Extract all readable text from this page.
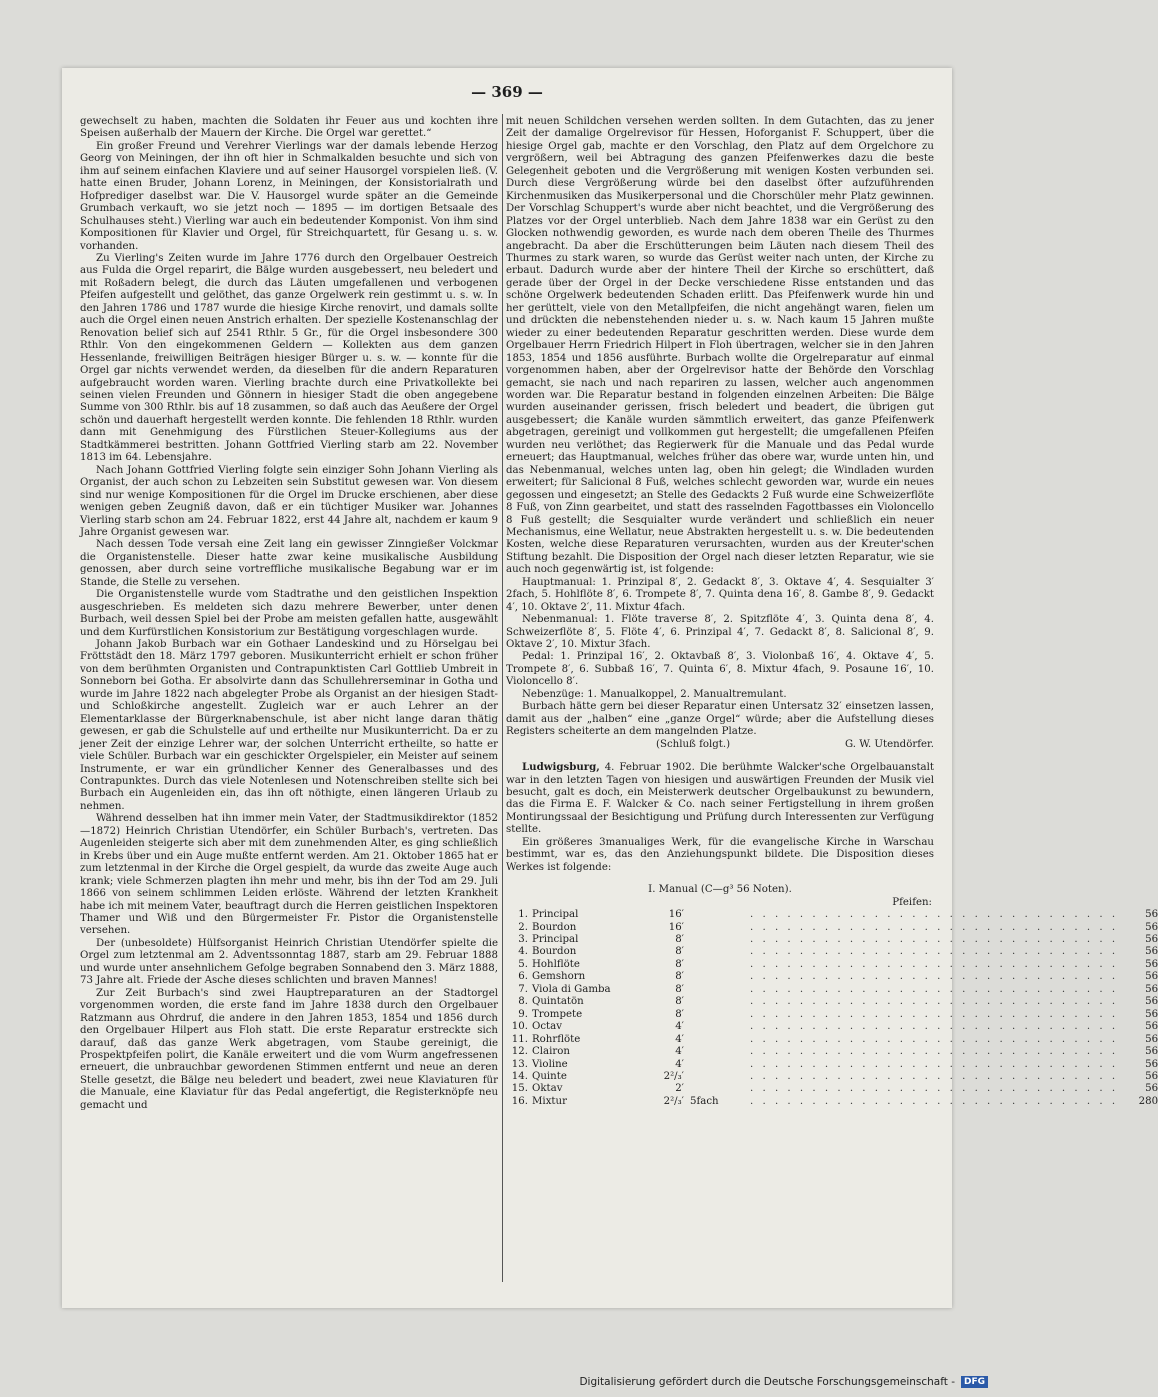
— 369 —

gewechselt zu haben, machten die Soldaten ihr Feuer aus und kochten ihre Speisen außerhalb der Mauern der Kirche. Die Orgel war gerettet.“

Ein großer Freund und Verehrer Vierlings war der damals lebende Herzog Georg von Meiningen, der ihn oft hier in Schmalkalden besuchte und sich von ihm auf seinem einfachen Klaviere und auf seiner Hausorgel vorspielen ließ. (V. hatte einen Bruder, Johann Lorenz, in Meiningen, der Konsistorialrath und Hofprediger daselbst war. Die V. Hausorgel wurde später an die Gemeinde Grumbach verkauft, wo sie jetzt noch — 1895 — im dortigen Betsaale des Schulhauses steht.) Vierling war auch ein bedeutender Komponist. Von ihm sind Kompositionen für Klavier und Orgel, für Streichquartett, für Gesang u. s. w. vorhanden.

Zu Vierling's Zeiten wurde im Jahre 1776 durch den Orgelbauer Oestreich aus Fulda die Orgel reparirt, die Bälge wurden ausgebessert, neu beledert und mit Roßadern belegt, die durch das Läuten umgefallenen und verbogenen Pfeifen aufgestellt und gelöthet, das ganze Orgelwerk rein gestimmt u. s. w. In den Jahren 1786 und 1787 wurde die hiesige Kirche renovirt, und damals sollte auch die Orgel einen neuen Anstrich erhalten. Der spezielle Kostenanschlag der Renovation belief sich auf 2541 Rthlr. 5 Gr., für die Orgel insbesondere 300 Rthlr. Von den eingekommenen Geldern — Kollekten aus dem ganzen Hessenlande, freiwilligen Beiträgen hiesiger Bürger u. s. w. — konnte für die Orgel gar nichts verwendet werden, da dieselben für die andern Reparaturen aufgebraucht worden waren. Vierling brachte durch eine Privatkollekte bei seinen vielen Freunden und Gönnern in hiesiger Stadt die oben angegebene Summe von 300 Rthlr. bis auf 18 zusammen, so daß auch das Aeußere der Orgel schön und dauerhaft hergestellt werden konnte. Die fehlenden 18 Rthlr. wurden dann mit Genehmigung des Fürstlichen Steuer-Kollegiums aus der Stadtkämmerei bestritten. Johann Gottfried Vierling starb am 22. November 1813 im 64. Lebensjahre.

Nach Johann Gottfried Vierling folgte sein einziger Sohn Johann Vierling als Organist, der auch schon zu Lebzeiten sein Substitut gewesen war. Von diesem sind nur wenige Kompositionen für die Orgel im Drucke erschienen, aber diese wenigen geben Zeugniß davon, daß er ein tüchtiger Musiker war. Johannes Vierling starb schon am 24. Februar 1822, erst 44 Jahre alt, nachdem er kaum 9 Jahre Organist gewesen war.

Nach dessen Tode versah eine Zeit lang ein gewisser Zinngießer Volckmar die Organistenstelle. Dieser hatte zwar keine musikalische Ausbildung genossen, aber durch seine vortreffliche musikalische Begabung war er im Stande, die Stelle zu versehen.

Die Organistenstelle wurde vom Stadtrathe und den geistlichen Inspektion ausgeschrieben. Es meldeten sich dazu mehrere Bewerber, unter denen Burbach, weil dessen Spiel bei der Probe am meisten gefallen hatte, ausgewählt und dem Kurfürstlichen Konsistorium zur Bestätigung vorgeschlagen wurde.

Johann Jakob Burbach war ein Gothaer Landeskind und zu Hörselgau bei Fröttstädt den 18. März 1797 geboren. Musikunterricht erhielt er schon früher von dem berühmten Organisten und Contrapunktisten Carl Gottlieb Umbreit in Sonneborn bei Gotha. Er absolvirte dann das Schullehrerseminar in Gotha und wurde im Jahre 1822 nach abgelegter Probe als Organist an der hiesigen Stadt- und Schloßkirche angestellt. Zugleich war er auch Lehrer an der Elementarklasse der Bürgerknabenschule, ist aber nicht lange daran thätig gewesen, er gab die Schulstelle auf und ertheilte nur Musikunterricht. Da er zu jener Zeit der einzige Lehrer war, der solchen Unterricht ertheilte, so hatte er viele Schüler. Burbach war ein geschickter Orgelspieler, ein Meister auf seinem Instrumente, er war ein gründlicher Kenner des Generalbasses und des Contrapunktes. Durch das viele Notenlesen und Notenschreiben stellte sich bei Burbach ein Augenleiden ein, das ihn oft nöthigte, einen längeren Urlaub zu nehmen.

Während desselben hat ihn immer mein Vater, der Stadtmusikdirektor (1852—1872) Heinrich Christian Utendörfer, ein Schüler Burbach's, vertreten. Das Augenleiden steigerte sich aber mit dem zunehmenden Alter, es ging schließlich in Krebs über und ein Auge mußte entfernt werden. Am 21. Oktober 1865 hat er zum letztenmal in der Kirche die Orgel gespielt, da wurde das zweite Auge auch krank; viele Schmerzen plagten ihn mehr und mehr, bis ihn der Tod am 29. Juli 1866 von seinem schlimmen Leiden erlöste. Während der letzten Krankheit habe ich mit meinem Vater, beauftragt durch die Herren geistlichen Inspektoren Thamer und Wiß und den Bürgermeister Fr. Pistor die Organistenstelle versehen.

Der (unbesoldete) Hülfsorganist Heinrich Christian Utendörfer spielte die Orgel zum letztenmal am 2. Adventssonntag 1887, starb am 29. Februar 1888 und wurde unter ansehnlichem Gefolge begraben Sonnabend den 3. März 1888, 73 Jahre alt. Friede der Asche dieses schlichten und braven Mannes!

Zur Zeit Burbach's sind zwei Hauptreparaturen an der Stadtorgel vorgenommen worden, die erste fand im Jahre 1838 durch den Orgelbauer Ratzmann aus Ohrdruf, die andere in den Jahren 1853, 1854 und 1856 durch den Orgelbauer Hilpert aus Floh statt. Die erste Reparatur erstreckte sich darauf, daß das ganze Werk abgetragen, vom Staube gereinigt, die Prospektpfeifen polirt, die Kanäle erweitert und die vom Wurm angefressenen erneuert, die unbrauchbar gewordenen Stimmen entfernt und neue an deren Stelle gesetzt, die Bälge neu beledert und beadert, zwei neue Klaviaturen für die Manuale, eine Klaviatur für das Pedal angefertigt, die Registerknöpfe neu gemacht und

mit neuen Schildchen versehen werden sollten. In dem Gutachten, das zu jener Zeit der damalige Orgelrevisor für Hessen, Hoforganist F. Schuppert, über die hiesige Orgel gab, machte er den Vorschlag, den Platz auf dem Orgelchore zu vergrößern, weil bei Abtragung des ganzen Pfeifenwerkes dazu die beste Gelegenheit geboten und die Vergrößerung mit wenigen Kosten verbunden sei. Durch diese Vergrößerung würde bei den daselbst öfter aufzuführenden Kirchenmusiken das Musikerpersonal und die Chorschüler mehr Platz gewinnen. Der Vorschlag Schuppert's wurde aber nicht beachtet, und die Vergrößerung des Platzes vor der Orgel unterblieb. Nach dem Jahre 1838 war ein Gerüst zu den Glocken nothwendig geworden, es wurde nach dem oberen Theile des Thurmes angebracht. Da aber die Erschütterungen beim Läuten nach diesem Theil des Thurmes zu stark waren, so wurde das Gerüst weiter nach unten, der Kirche zu erbaut. Dadurch wurde aber der hintere Theil der Kirche so erschüttert, daß gerade über der Orgel in der Decke verschiedene Risse entstanden und das schöne Orgelwerk bedeutenden Schaden erlitt. Das Pfeifenwerk wurde hin und her gerüttelt, viele von den Metallpfeifen, die nicht angehängt waren, fielen um und drückten die nebenstehenden nieder u. s. w. Nach kaum 15 Jahren mußte wieder zu einer bedeutenden Reparatur geschritten werden. Diese wurde dem Orgelbauer Herrn Friedrich Hilpert in Floh übertragen, welcher sie in den Jahren 1853, 1854 und 1856 ausführte. Burbach wollte die Orgelreparatur auf einmal vorgenommen haben, aber der Orgelrevisor hatte der Behörde den Vorschlag gemacht, sie nach und nach repariren zu lassen, welcher auch angenommen worden war. Die Reparatur bestand in folgenden einzelnen Arbeiten: Die Bälge wurden auseinander gerissen, frisch beledert und beadert, die übrigen gut ausgebessert; die Kanäle wurden sämmtlich erweitert, das ganze Pfeifenwerk abgetragen, gereinigt und vollkommen gut hergestellt; die umgefallenen Pfeifen wurden neu verlöthet; das Regierwerk für die Manuale und das Pedal wurde erneuert; das Hauptmanual, welches früher das obere war, wurde unten hin, und das Nebenmanual, welches unten lag, oben hin gelegt; die Windladen wurden erweitert; für Salicional 8 Fuß, welches schlecht geworden war, wurde ein neues gegossen und eingesetzt; an Stelle des Gedackts 2 Fuß wurde eine Schweizerflöte 8 Fuß, von Zinn gearbeitet, und statt des rasselnden Fagottbasses ein Violoncello 8 Fuß gestellt; die Sesquialter wurde verändert und schließlich ein neuer Mechanismus, eine Wellatur, neue Abstrakten hergestellt u. s. w. Die bedeutenden Kosten, welche diese Reparaturen verursachten, wurden aus der Kreuter'schen Stiftung bezahlt. Die Disposition der Orgel nach dieser letzten Reparatur, wie sie auch noch gegenwärtig ist, ist folgende:

Hauptmanual: 1. Prinzipal 8′, 2. Gedackt 8′, 3. Oktave 4′, 4. Sesquialter 3′ 2fach, 5. Hohlflöte 8′, 6. Trompete 8′, 7. Quinta dena 16′, 8. Gambe 8′, 9. Gedackt 4′, 10. Oktave 2′, 11. Mixtur 4fach.

Nebenmanual: 1. Flöte traverse 8′, 2. Spitzflöte 4′, 3. Quinta dena 8′, 4. Schweizerflöte 8′, 5. Flöte 4′, 6. Prinzipal 4′, 7. Gedackt 8′, 8. Salicional 8′, 9. Oktave 2′, 10. Mixtur 3fach.

Pedal: 1. Prinzipal 16′, 2. Oktavbaß 8′, 3. Violonbaß 16′, 4. Oktave 4′, 5. Trompete 8′, 6. Subbaß 16′, 7. Quinta 6′, 8. Mixtur 4fach, 9. Posaune 16′, 10. Violoncello 8′.

Nebenzüge: 1. Manualkoppel, 2. Manualtremulant.

Burbach hätte gern bei dieser Reparatur einen Untersatz 32′ einsetzen lassen, damit aus der „halben“ eine „ganze Orgel“ würde; aber die Aufstellung dieses Registers scheiterte an dem mangelnden Platze.

(Schluß folgt.)	G. W. Utendörfer.

Ludwigsburg, 4. Februar 1902. Die berühmte Walcker'sche Orgelbauanstalt war in den letzten Tagen von hiesigen und auswärtigen Freunden der Musik viel besucht, galt es doch, ein Meisterwerk deutscher Orgelbaukunst zu bewundern, das die Firma E. F. Walcker & Co. nach seiner Fertigstellung in ihrem großen Montirungssaal der Besichtigung und Prüfung durch Interessenten zur Verfügung stellte.

Ein größeres 3manualiges Werk, für die evangelische Kirche in Warschau bestimmt, war es, das den Anziehungspunkt bildete. Die Disposition dieses Werkes ist folgende:

I. Manual (C—g³ 56 Noten).
Pfeifen:
1. Principal	16′	. . . . . . . . . . . . . . . . . . . . . . . . . . . . . .	56
2. Bourdon	16′	. . . . . . . . . . . . . . . . . . . . . . . . . . . . . .	56
3. Principal	8′	. . . . . . . . . . . . . . . . . . . . . . . . . . . . . .	56
4. Bourdon	8′	. . . . . . . . . . . . . . . . . . . . . . . . . . . . . .	56
5. Hohlflöte	8′	. . . . . . . . . . . . . . . . . . . . . . . . . . . . . .	56
6. Gemshorn	8′	. . . . . . . . . . . . . . . . . . . . . . . . . . . . . .	56
7. Viola di Gamba	8′	. . . . . . . . . . . . . . . . . . . . . . . . . . . . . .	56
8. Quintatön	8′	. . . . . . . . . . . . . . . . . . . . . . . . . . . . . .	56
9. Trompete	8′	. . . . . . . . . . . . . . . . . . . . . . . . . . . . . .	56
10. Octav	4′	. . . . . . . . . . . . . . . . . . . . . . . . . . . . . .	56
11. Rohrflöte	4′	. . . . . . . . . . . . . . . . . . . . . . . . . . . . . .	56
12. Clairon	4′	. . . . . . . . . . . . . . . . . . . . . . . . . . . . . .	56
13. Violine	4′	. . . . . . . . . . . . . . . . . . . . . . . . . . . . . .	56
14. Quinte	2²/₃′	. . . . . . . . . . . . . . . . . . . . . . . . . . . . . .	56
15. Oktav	2′	. . . . . . . . . . . . . . . . . . . . . . . . . . . . . .	56
16. Mixtur	2²/₃′ 5fach	. . . . . . . . . . . . . . . . . . . . . . . . . . . . . .	280
Digitalisierung gefördert durch die Deutsche Forschungsgemeinschaft -	DFG
